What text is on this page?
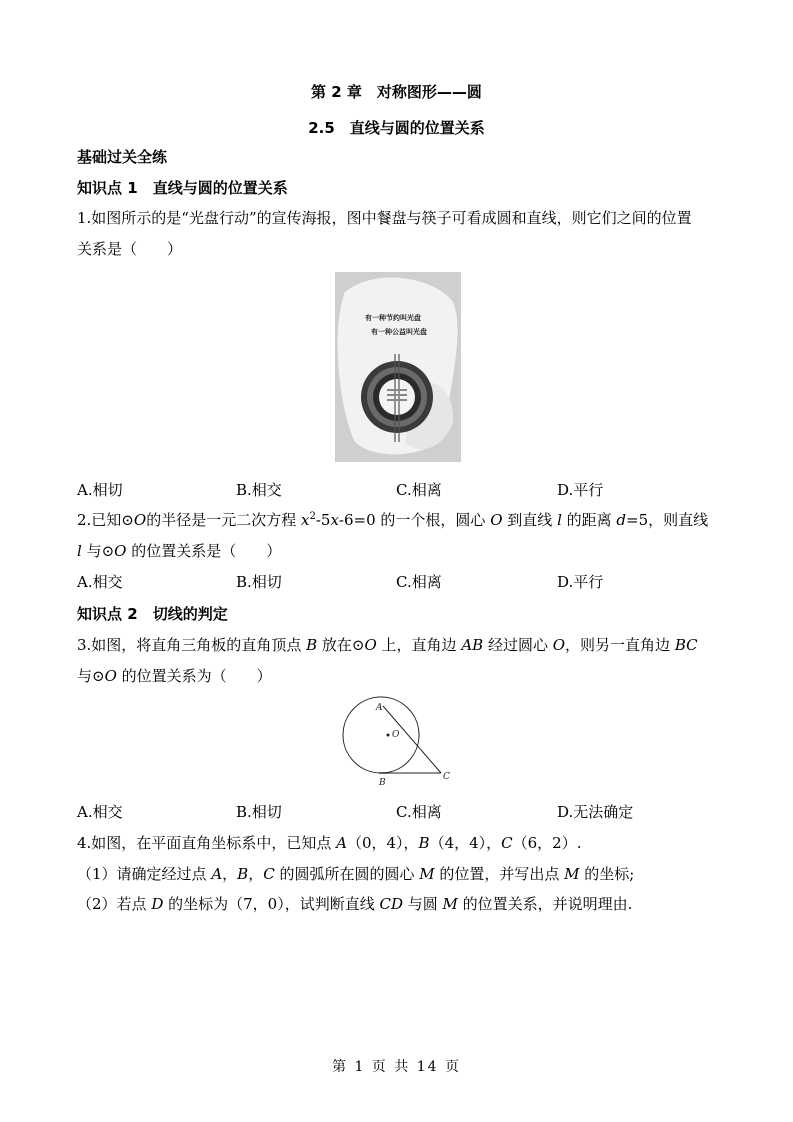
第 2 章　对称图形——圆
2.5　直线与圆的位置关系
基础过关全练
知识点 1　 直线与圆的位置关系
1.如图所示的是“光盘行动”的宣传海报，图中餐盘与筷子可看成圆和直线，则它们之间的位置
关系是（　　）
有一种节约叫光盘
有一种公益叫光盘
A.相切	B.相交	C.相离	D.平行
2.已知⊙O的半径是一元二次方程 $x^2-5x-6=0$ 的一个根，圆心 O 到直线 l 的距离 d=5，则直线
l 与⊙O 的位置关系是（　　）
A.相交	B.相切	C.相离	D.平行
知识点 2　 切线的判定
3.如图，将直角三角板的直角顶点 B 放在⊙O 上，直角边 AB 经过圆心 O，则另一直角边 BC
与⊙O 的位置关系为（　　）
A
O
B
C
A.相交	B.相切	C.相离	D.无法确定
4.如图，在平面直角坐标系中，已知点 A（0，4），B（4，4），C（6，2）.
（1）请确定经过点 A，B，C 的圆弧所在圆的圆心 M 的位置，并写出点 M 的坐标;
（2）若点 D 的坐标为（7，0），试判断直线 CD 与圆 M 的位置关系，并说明理由.
第 1 页 共 14 页
